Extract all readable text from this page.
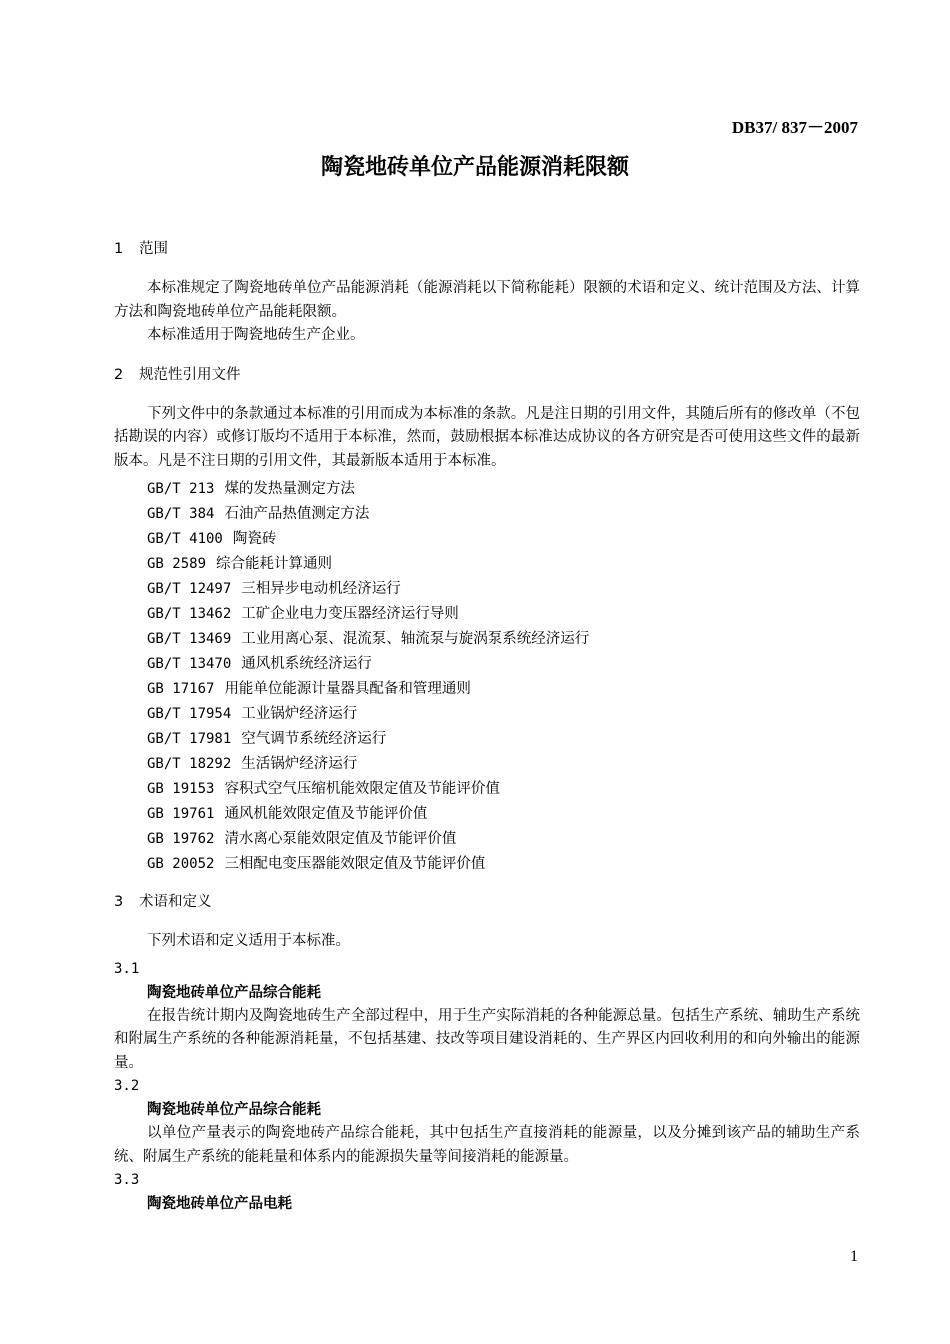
DB37/ 837－2007
陶瓷地砖单位产品能源消耗限额
1 范围

本标准规定了陶瓷地砖单位产品能源消耗（能源消耗以下简称能耗）限额的术语和定义、统计范围及方法、计算方法和陶瓷地砖单位产品能耗限额。

本标准适用于陶瓷地砖生产企业。

2 规范性引用文件

下列文件中的条款通过本标准的引用而成为本标准的条款。凡是注日期的引用文件，其随后所有的修改单（不包括勘误的内容）或修订版均不适用于本标准，然而，鼓励根据本标准达成协议的各方研究是否可使用这些文件的最新版本。凡是不注日期的引用文件，其最新版本适用于本标准。

GB/T 213 煤的发热量测定方法
GB/T 384 石油产品热值测定方法
GB/T 4100 陶瓷砖
GB 2589 综合能耗计算通则
GB/T 12497 三相异步电动机经济运行
GB/T 13462 工矿企业电力变压器经济运行导则
GB/T 13469 工业用离心泵、混流泵、轴流泵与旋涡泵系统经济运行
GB/T 13470 通风机系统经济运行
GB 17167 用能单位能源计量器具配备和管理通则
GB/T 17954 工业锅炉经济运行
GB/T 17981 空气调节系统经济运行
GB/T 18292 生活锅炉经济运行
GB 19153 容积式空气压缩机能效限定值及节能评价值
GB 19761 通风机能效限定值及节能评价值
GB 19762 清水离心泵能效限定值及节能评价值
GB 20052 三相配电变压器能效限定值及节能评价值
3 术语和定义

下列术语和定义适用于本标准。

3.1

陶瓷地砖单位产品综合能耗

在报告统计期内及陶瓷地砖生产全部过程中，用于生产实际消耗的各种能源总量。包括生产系统、辅助生产系统和附属生产系统的各种能源消耗量，不包括基建、技改等项目建设消耗的、生产界区内回收利用的和向外输出的能源量。

3.2

陶瓷地砖单位产品综合能耗

以单位产量表示的陶瓷地砖产品综合能耗，其中包括生产直接消耗的能源量，以及分摊到该产品的辅助生产系统、附属生产系统的能耗量和体系内的能源损失量等间接消耗的能源量。

3.3

陶瓷地砖单位产品电耗

1
